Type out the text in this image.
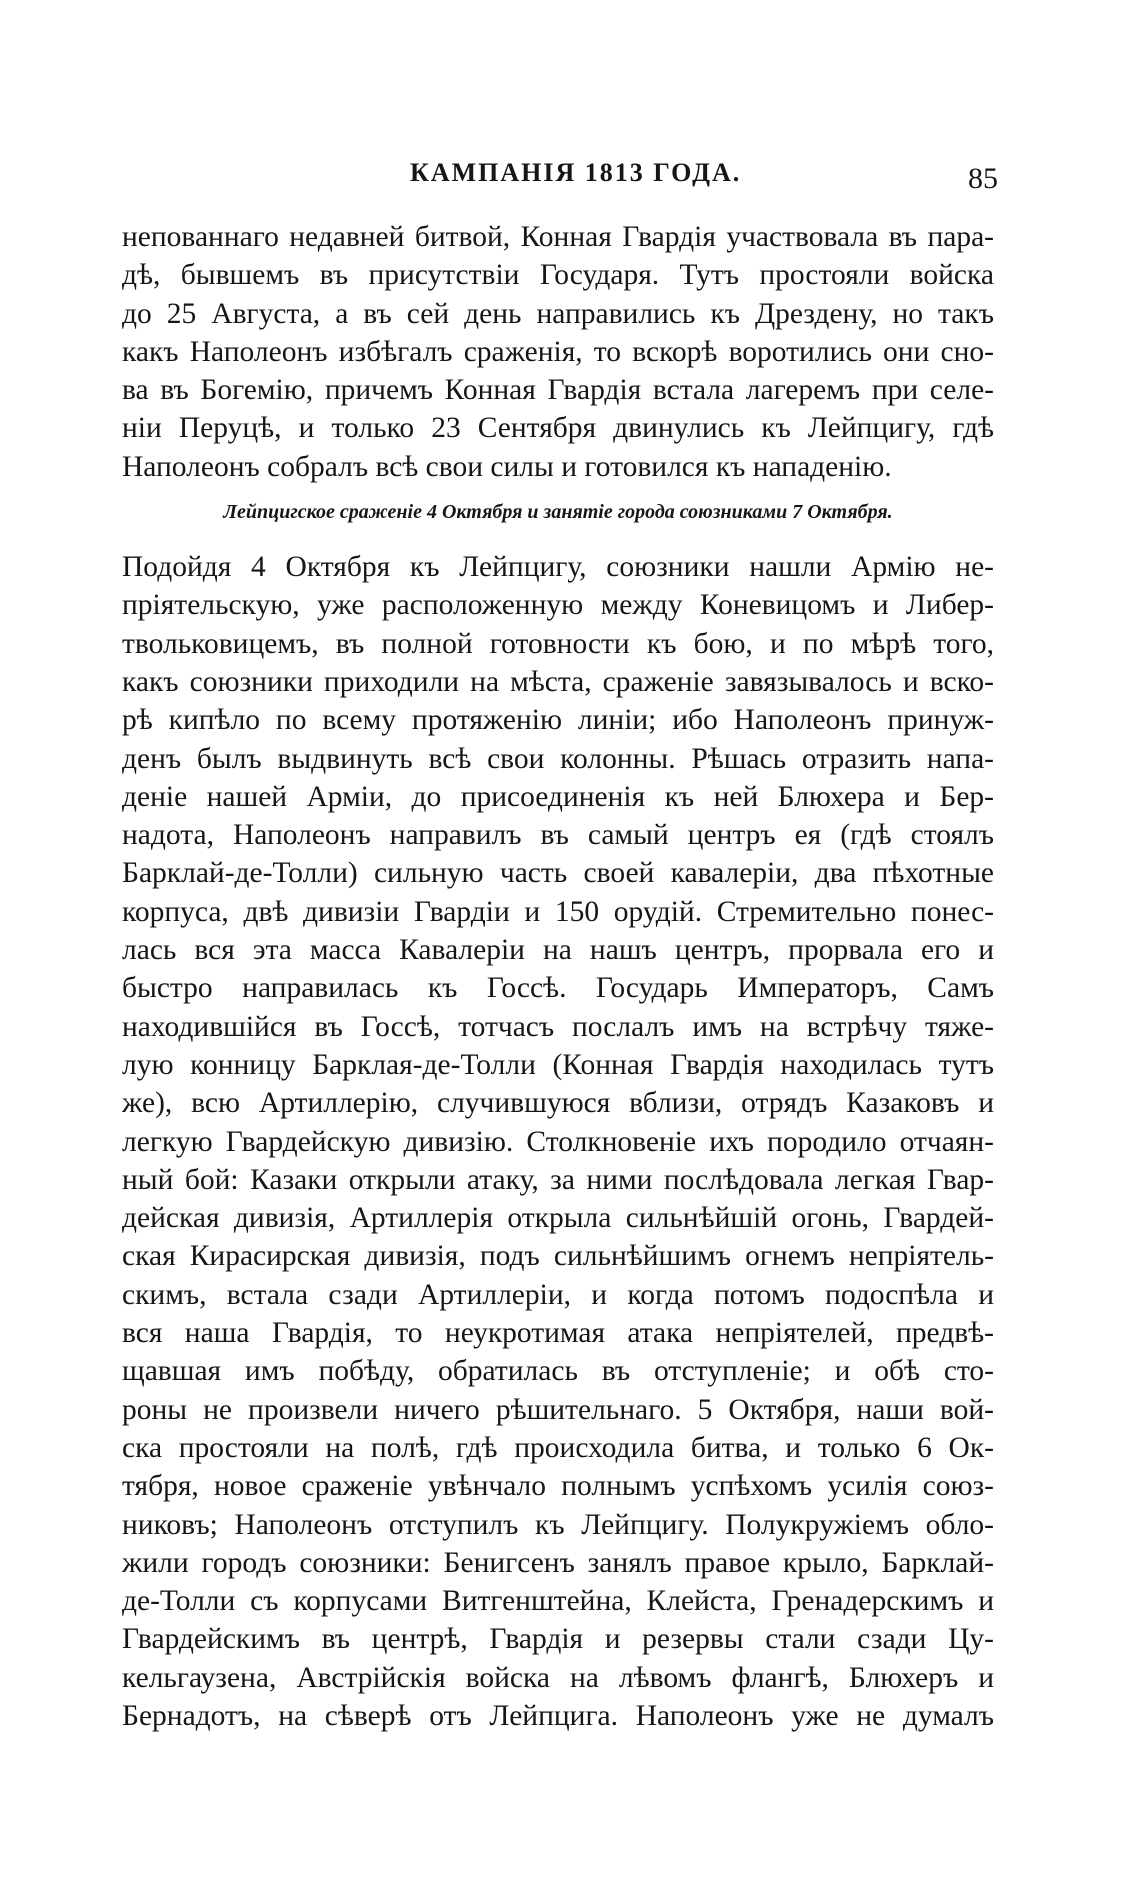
КАМПАНІЯ 1813 ГОДА.	85
непованнаго недавней битвой, Конная Гвардія участвовала въ пара-
дѣ, бывшемъ въ присутствіи Государя. Тутъ простояли войска
до 25 Августа, а въ сей день направились къ Дрездену, но такъ
какъ Наполеонъ избѣгалъ сраженія, то вскорѣ воротились они сно-
ва въ Богемію, причемъ Конная Гвардія встала лагеремъ при селе-
ніи Перуцѣ, и только 23 Сентября двинулись къ Лейпцигу, гдѣ
Наполеонъ собралъ всѣ свои силы и готовился къ нападенію.
Лейпцигское сраженіе 4 Октября и занятіе города союзниками 7 Октября.
Подойдя 4 Октября къ Лейпцигу, союзники нашли Армію не-
пріятельскую, уже расположенную между Коневицомъ и Либер-
твольковицемъ, въ полной готовности къ бою, и по мѣрѣ того,
какъ союзники приходили на мѣста, сраженіе завязывалось и вско-
рѣ кипѣло по всему протяженію линіи; ибо Наполеонъ принуж-
денъ былъ выдвинуть всѣ свои колонны. Рѣшась отразить напа-
деніе нашей Арміи, до присоединенія къ ней Блюхера и Бер-
надота, Наполеонъ направилъ въ самый центръ ея (гдѣ стоялъ
Барклай-де-Толли) сильную часть своей кавалеріи, два пѣхотные
корпуса, двѣ дивизіи Гвардіи и 150 орудій. Стремительно понес-
лась вся эта масса Кавалеріи на нашъ центръ, прорвала его и
быстро направилась къ Госсѣ. Государь Императоръ, Самъ
находившійся въ Госсѣ, тотчасъ послалъ имъ на встрѣчу тяже-
лую конницу Барклая-де-Толли (Конная Гвардія находилась тутъ
же), всю Артиллерію, случившуюся вблизи, отрядъ Казаковъ и
легкую Гвардейскую дивизію. Столкновеніе ихъ породило отчаян-
ный бой: Казаки открыли атаку, за ними послѣдовала легкая Гвар-
дейская дивизія, Артиллерія открыла сильнѣйшій огонь, Гвардей-
ская Кирасирская дивизія, подъ сильнѣйшимъ огнемъ непріятель-
скимъ, встала сзади Артиллеріи, и когда потомъ подоспѣла и
вся наша Гвардія, то неукротимая атака непріятелей, предвѣ-
щавшая имъ побѣду, обратилась въ отступленіе; и обѣ сто-
роны не произвели ничего рѣшительнаго. 5 Октября, наши вой-
ска простояли на полѣ, гдѣ происходила битва, и только 6 Ок-
тября, новое сраженіе увѣнчало полнымъ успѣхомъ усилія союз-
никовъ; Наполеонъ отступилъ къ Лейпцигу. Полукружіемъ обло-
жили городъ союзники: Бенигсенъ занялъ правое крыло, Барклай-
де-Толли съ корпусами Витгенштейна, Клейста, Гренадерскимъ и
Гвардейскимъ въ центрѣ, Гвардія и резервы стали сзади Цу-
кельгаузена, Австрійскія войска на лѣвомъ флангѣ, Блюхеръ и
Бернадотъ, на сѣверѣ отъ Лейпцига. Наполеонъ уже не думалъ
